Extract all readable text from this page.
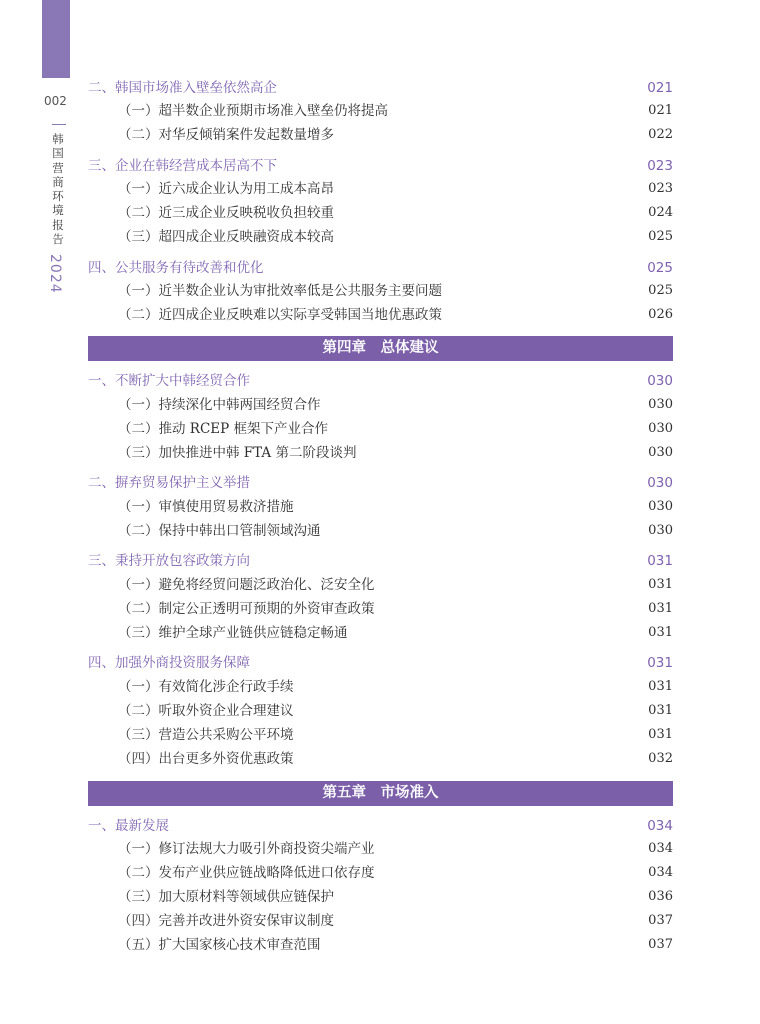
002
韩国营商环境报告
2024
二、韩国市场准入壁垒依然高企	021
（一）超半数企业预期市场准入壁垒仍将提高	021
（二）对华反倾销案件发起数量增多	022
三、企业在韩经营成本居高不下	023
（一）近六成企业认为用工成本高昂	023
（二）近三成企业反映税收负担较重	024
（三）超四成企业反映融资成本较高	025
四、公共服务有待改善和优化	025
（一）近半数企业认为审批效率低是公共服务主要问题	025
（二）近四成企业反映难以实际享受韩国当地优惠政策	026
第四章　总体建议
一、不断扩大中韩经贸合作	030
（一）持续深化中韩两国经贸合作	030
（二）推动 RCEP 框架下产业合作	030
（三）加快推进中韩 FTA 第二阶段谈判	030
二、摒弃贸易保护主义举措	030
（一）审慎使用贸易救济措施	030
（二）保持中韩出口管制领域沟通	030
三、秉持开放包容政策方向	031
（一）避免将经贸问题泛政治化、泛安全化	031
（二）制定公正透明可预期的外资审查政策	031
（三）维护全球产业链供应链稳定畅通	031
四、加强外商投资服务保障	031
（一）有效简化涉企行政手续	031
（二）听取外资企业合理建议	031
（三）营造公共采购公平环境	031
（四）出台更多外资优惠政策	032
第五章　市场准入
一、最新发展	034
（一）修订法规大力吸引外商投资尖端产业	034
（二）发布产业供应链战略降低进口依存度	034
（三）加大原材料等领域供应链保护	036
（四）完善并改进外资安保审议制度	037
（五）扩大国家核心技术审查范围	037
